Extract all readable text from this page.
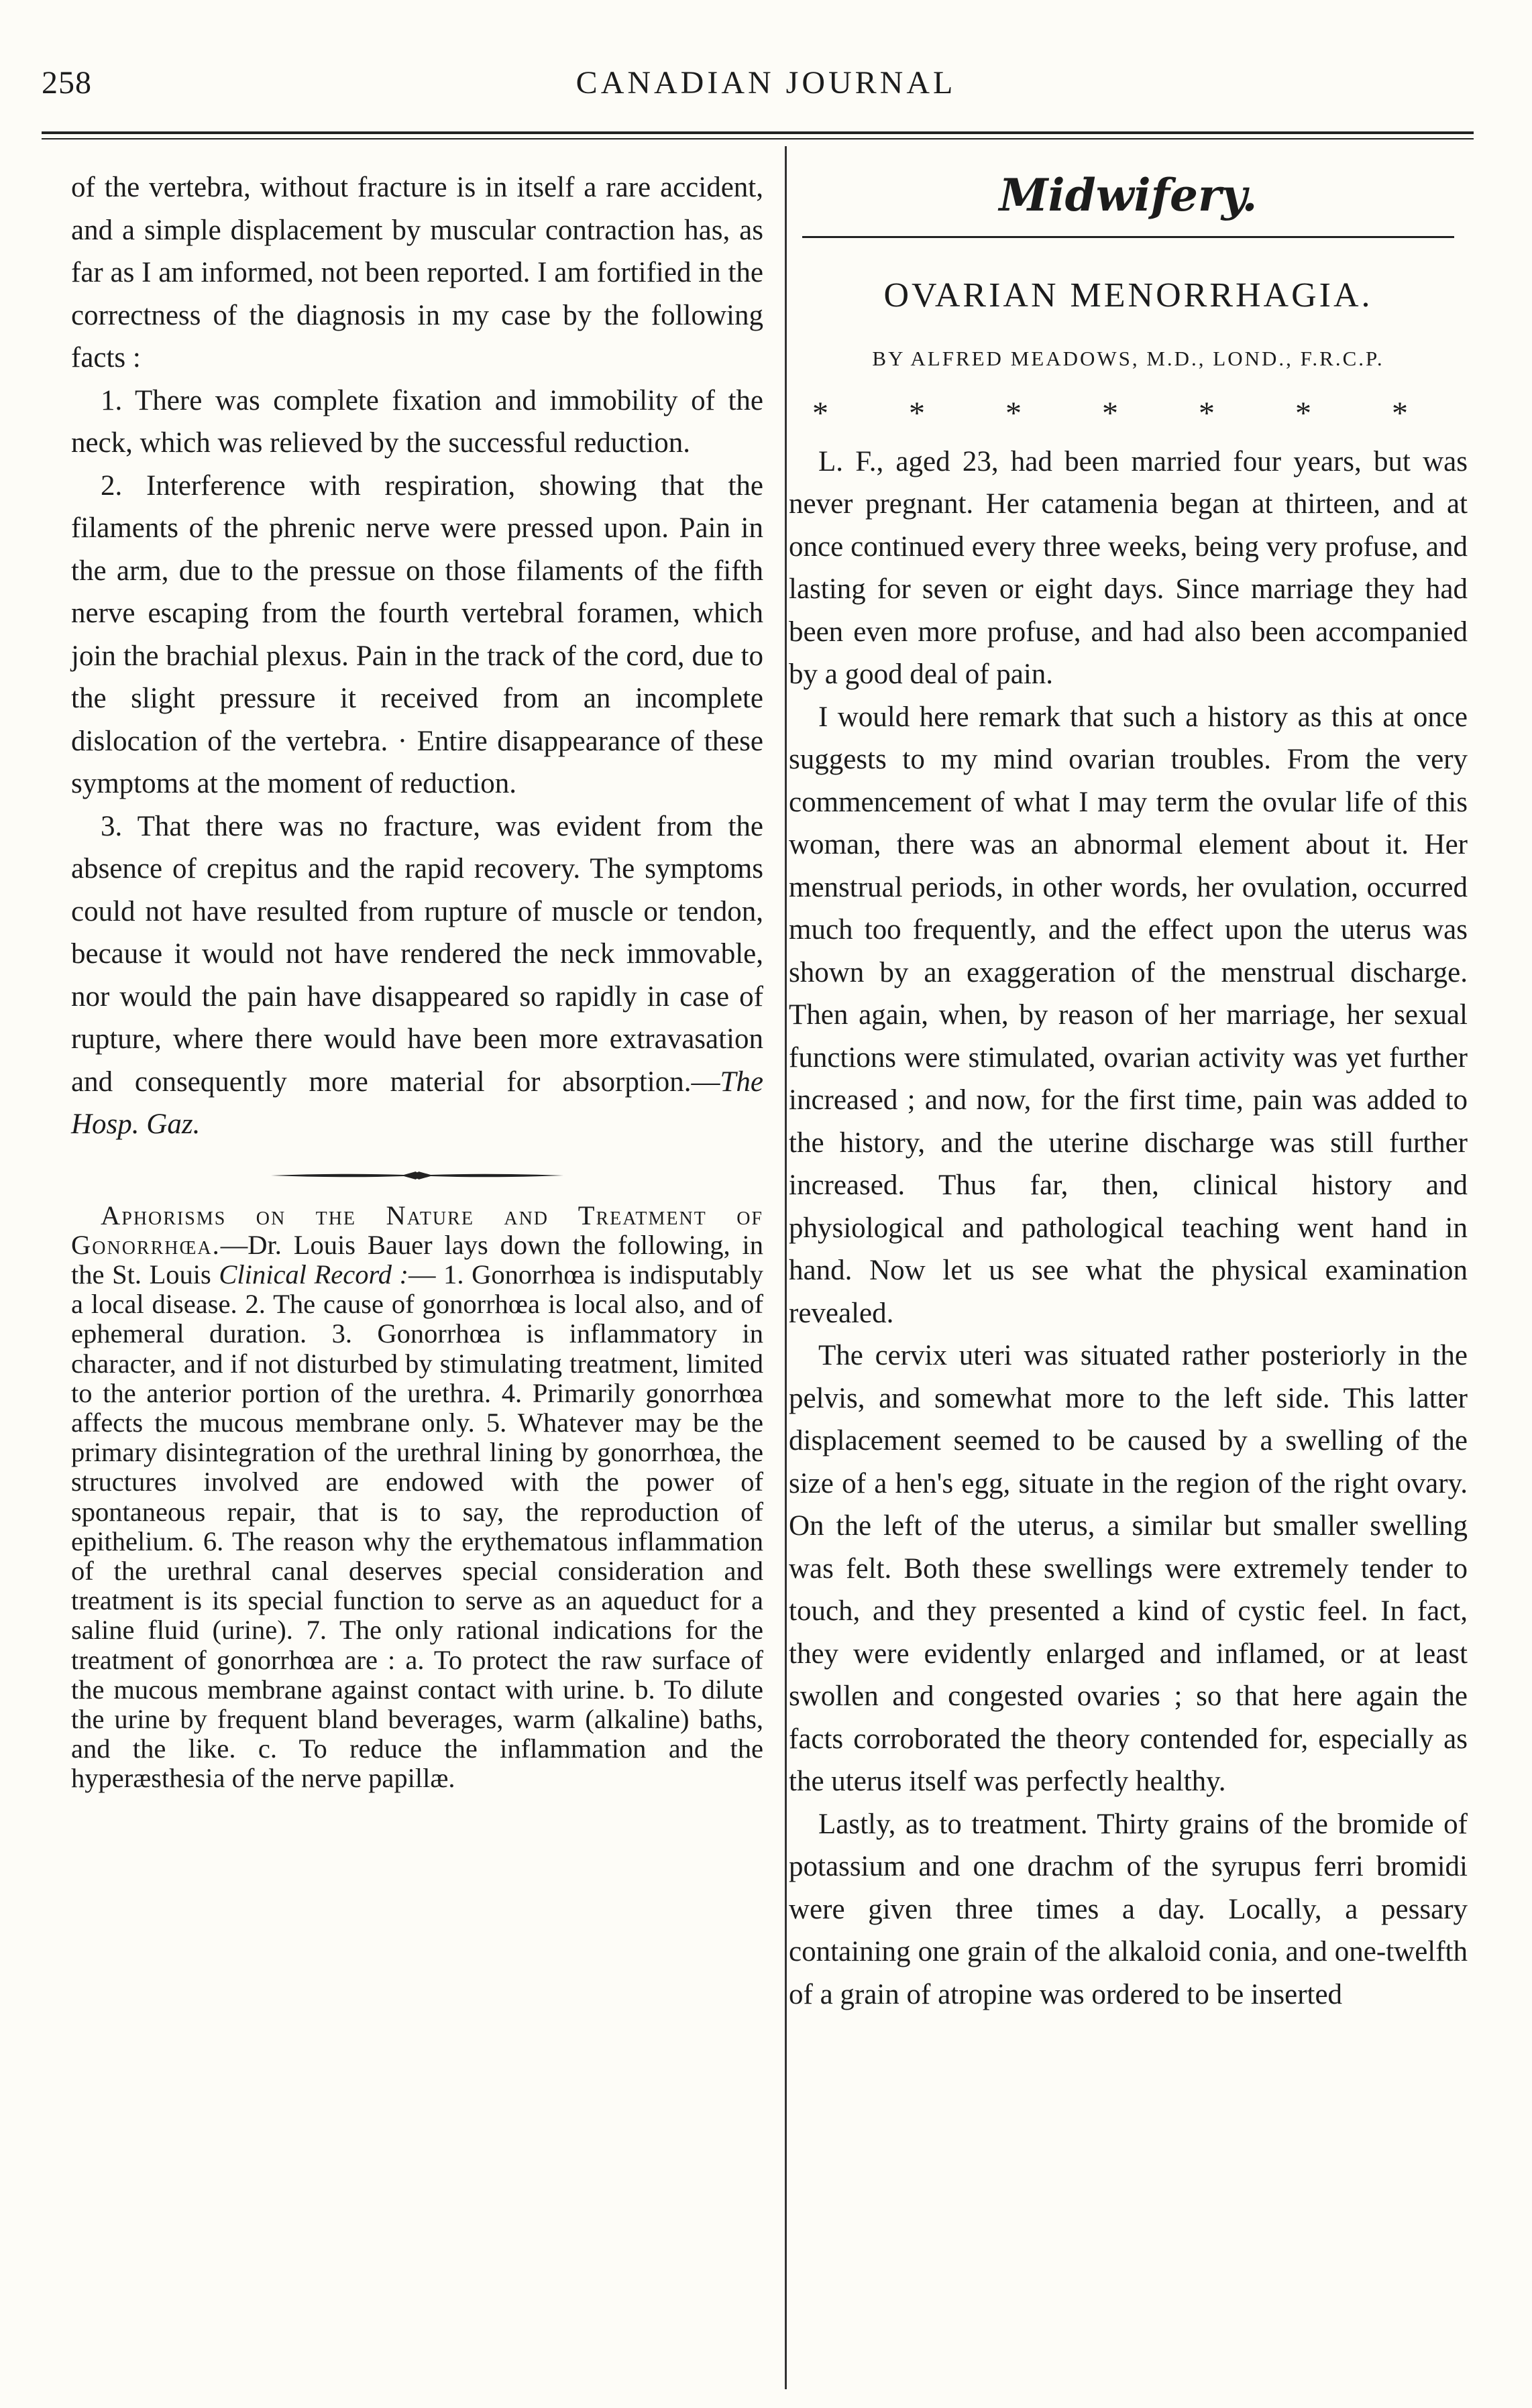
258	CANADIAN JOURNAL

of the vertebra, without fracture is in itself a rare accident, and a simple displacement by muscular contraction has, as far as I am informed, not been reported. I am fortified in the correctness of the diagnosis in my case by the following facts :

1. There was complete fixation and immobility of the neck, which was relieved by the successful reduction.

2. Interference with respiration, showing that the filaments of the phrenic nerve were pressed upon. Pain in the arm, due to the pressue on those filaments of the fifth nerve escaping from the fourth vertebral foramen, which join the brachial plexus. Pain in the track of the cord, due to the slight pressure it received from an incomplete dislocation of the vertebra. · Entire disappearance of these symptoms at the moment of reduction.

3. That there was no fracture, was evident from the absence of crepitus and the rapid recovery. The symptoms could not have resulted from rupture of muscle or tendon, because it would not have rendered the neck immovable, nor would the pain have disappeared so rapidly in case of rupture, where there would have been more extravasation and consequently more material for absorption.—The Hosp. Gaz.

Aphorisms on the Nature and Treatment of Gonorrhœa.—Dr. Louis Bauer lays down the following, in the St. Louis Clinical Record :— 1. Gonorrhœa is indisputably a local disease. 2. The cause of gonorrhœa is local also, and of ephemeral duration. 3. Gonorrhœa is inflammatory in character, and if not disturbed by stimulating treatment, limited to the anterior portion of the urethra. 4. Primarily gonorrhœa affects the mucous membrane only. 5. Whatever may be the primary disintegration of the urethral lining by gonorrhœa, the structures involved are endowed with the power of spontaneous repair, that is to say, the reproduction of epithelium. 6. The reason why the erythematous inflammation of the urethral canal deserves special consideration and treatment is its special function to serve as an aqueduct for a saline fluid (urine). 7. The only rational indications for the treatment of gonorrhœa are : a. To protect the raw surface of the mucous membrane against contact with urine. b. To dilute the urine by frequent bland beverages, warm (alkaline) baths, and the like. c. To reduce the inflammation and the hyperæsthesia of the nerve papillæ.

Midwifery.
OVARIAN MENORRHAGIA.
BY ALFRED MEADOWS, M.D., LOND., F.R.C.P.
* * * * * * *

L. F., aged 23, had been married four years, but was never pregnant. Her catamenia began at thirteen, and at once continued every three weeks, being very profuse, and lasting for seven or eight days. Since marriage they had been even more profuse, and had also been accompanied by a good deal of pain.

I would here remark that such a history as this at once suggests to my mind ovarian troubles. From the very commencement of what I may term the ovular life of this woman, there was an abnormal element about it. Her menstrual periods, in other words, her ovulation, occurred much too frequently, and the effect upon the uterus was shown by an exaggeration of the menstrual discharge. Then again, when, by reason of her marriage, her sexual functions were stimulated, ovarian activity was yet further increased ; and now, for the first time, pain was added to the history, and the uterine discharge was still further increased. Thus far, then, clinical history and physiological and pathological teaching went hand in hand. Now let us see what the physical examination revealed.

The cervix uteri was situated rather posteriorly in the pelvis, and somewhat more to the left side. This latter displacement seemed to be caused by a swelling of the size of a hen's egg, situate in the region of the right ovary. On the left of the uterus, a similar but smaller swelling was felt. Both these swellings were extremely tender to touch, and they presented a kind of cystic feel. In fact, they were evidently enlarged and inflamed, or at least swollen and congested ovaries ; so that here again the facts corroborated the theory contended for, especially as the uterus itself was perfectly healthy.

Lastly, as to treatment. Thirty grains of the bromide of potassium and one drachm of the syrupus ferri bromidi were given three times a day. Locally, a pessary containing one grain of the alkaloid conia, and one-twelfth of a grain of atropine was ordered to be inserted
